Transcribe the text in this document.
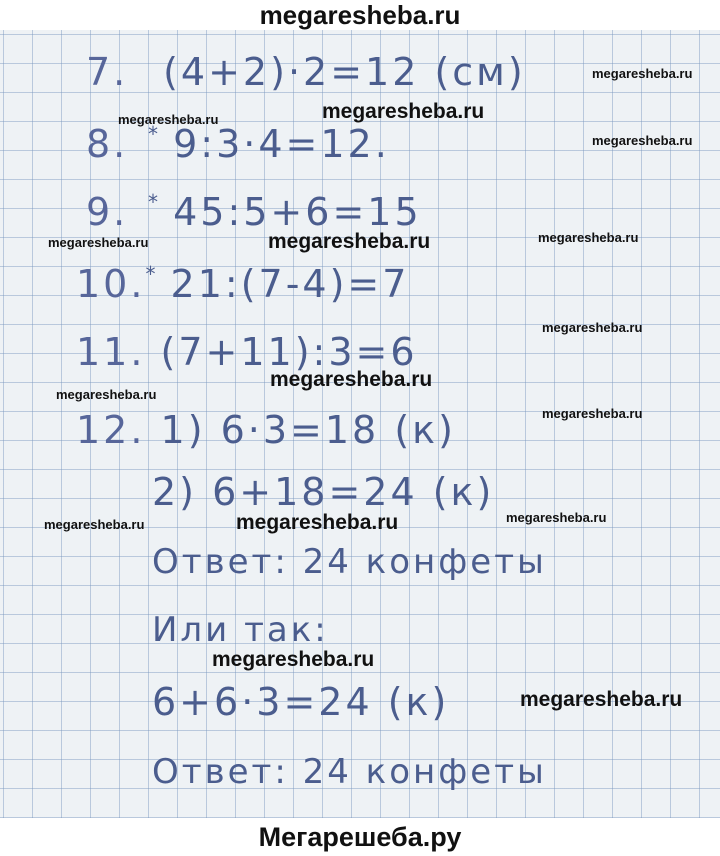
megaresheba.ru
7. (4+2)·2=12 (см)
8. * 9:3·4=12.
9. * 45:5+6=15
10.* 21:(7-4)=7
11. (7+11):3=6
12. 1) 6·3=18 (к)
2) 6+18=24 (к)
Ответ: 24 конфеты
Или так:
6+6·3=24 (к)
Ответ: 24 конфеты
megaresheba.ru
megaresheba.ru
megaresheba.ru
megaresheba.ru
megaresheba.ru	megaresheba.ru	megaresheba.ru
megaresheba.ru
megaresheba.ru
megaresheba.ru
megaresheba.ru
megaresheba.ru	megaresheba.ru	megaresheba.ru
megaresheba.ru
megaresheba.ru
Мегарешеба.ру
